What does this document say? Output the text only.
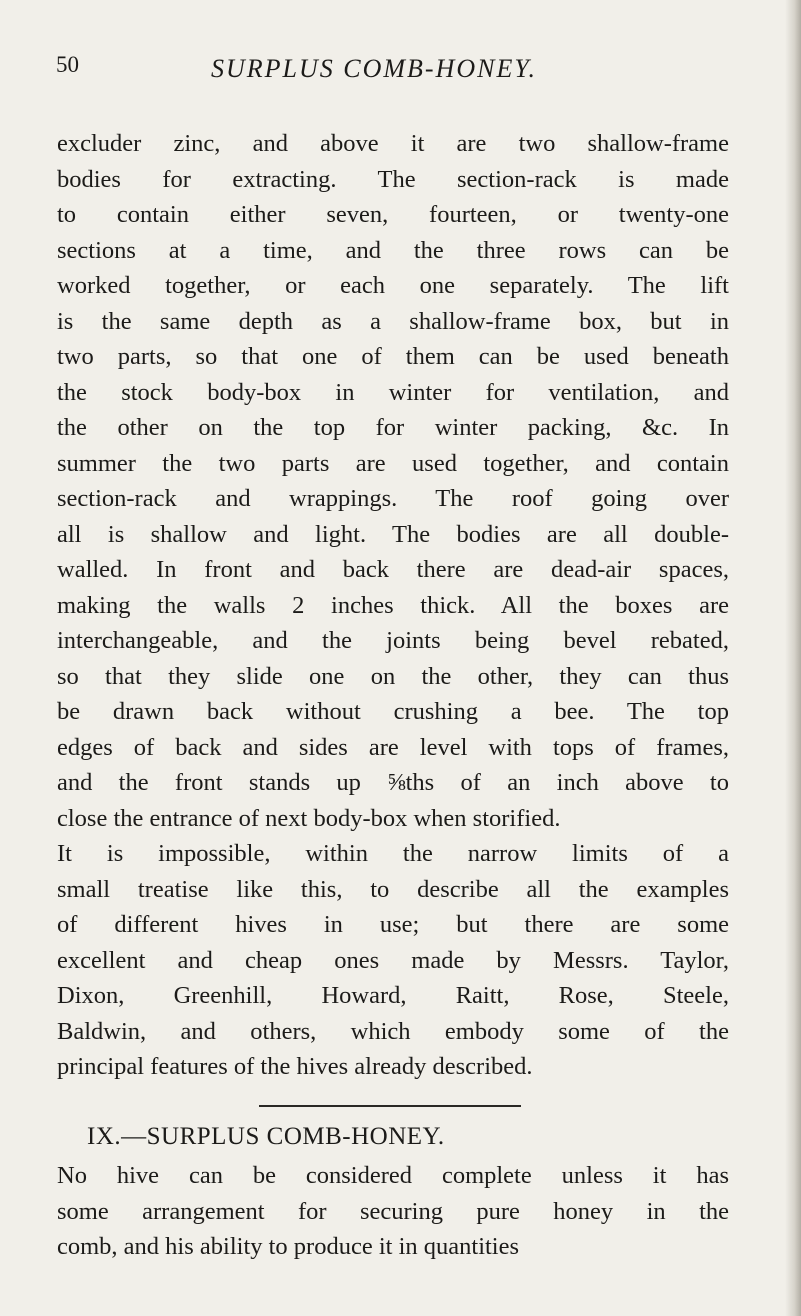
50	SURPLUS COMB-HONEY.
excluder zinc, and above it are two shallow-frame
bodies for extracting. The section-rack is made
to contain either seven, fourteen, or twenty-one
sections at a time, and the three rows can be
worked together, or each one separately. The lift
is the same depth as a shallow-frame box, but in
two parts, so that one of them can be used beneath
the stock body-box in winter for ventilation, and
the other on the top for winter packing, &c. In
summer the two parts are used together, and contain
section-rack and wrappings. The roof going over
all is shallow and light. The bodies are all double-
walled. In front and back there are dead-air spaces,
making the walls 2 inches thick. All the boxes are
interchangeable, and the joints being bevel rebated,
so that they slide one on the other, they can thus
be drawn back without crushing a bee. The top
edges of back and sides are level with tops of frames,
and the front stands up ⅝ths of an inch above to
close the entrance of next body-box when storified.
It is impossible, within the narrow limits of a
small treatise like this, to describe all the examples
of different hives in use; but there are some
excellent and cheap ones made by Messrs. Taylor,
Dixon, Greenhill, Howard, Raitt, Rose, Steele,
Baldwin, and others, which embody some of the
principal features of the hives already described.
IX.—SURPLUS COMB-HONEY.
No hive can be considered complete unless it has
some arrangement for securing pure honey in the
comb, and his ability to produce it in quantities
